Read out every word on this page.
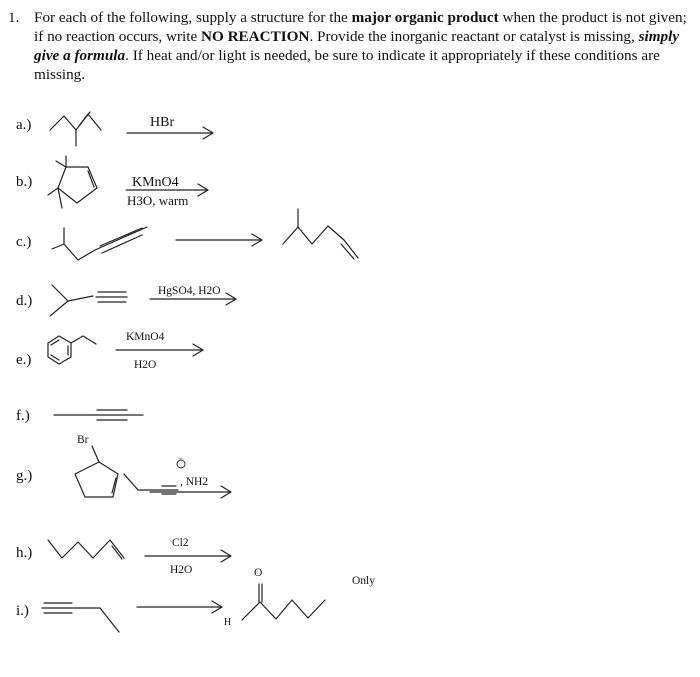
1. For each of the following, supply a structure for the major organic product when the product is not given; if no reaction occurs, write NO REACTION. Provide the inorganic reactant or catalyst is missing, simply give a formula. If heat and/or light is needed, be sure to indicate it appropriately if these conditions are missing.
a.)
b.)
c.)
d.)
e.)
f.)
g.)
h.)
i.)
HBr
KMnO4
H3O, warm
HgSO4, H2O
KMnO4
H2O
Br
, NH2
−
Cl2
H2O	O
H
Only
